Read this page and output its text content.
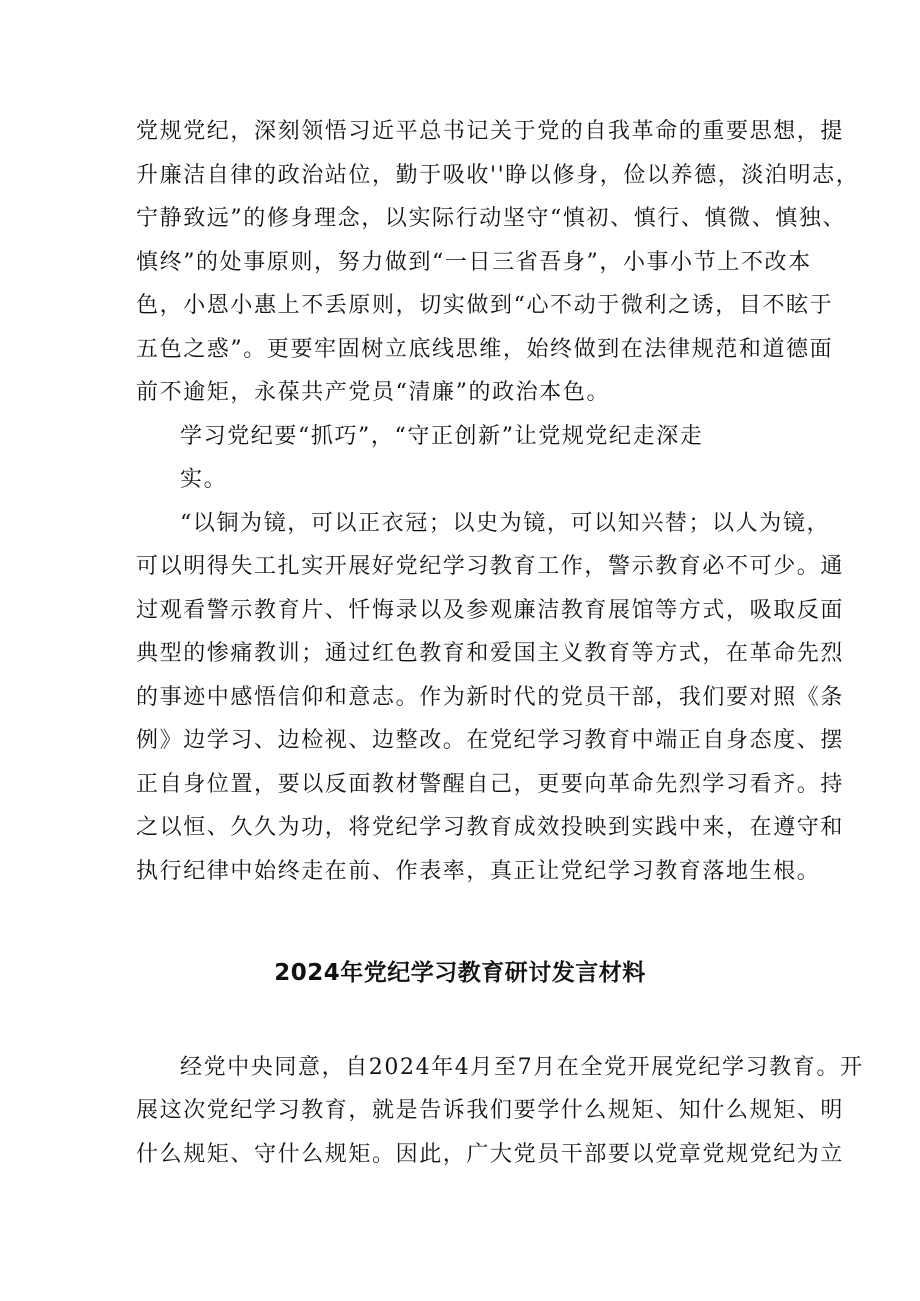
党规党纪，深刻领悟习近平总书记关于党的自我革命的重要思想，提
升廉洁自律的政治站位，勤于吸收''睁以修身，俭以养德，淡泊明志，
宁静致远”的修身理念，以实际行动坚守“慎初、慎行、慎微、慎独、
慎终”的处事原则，努力做到“一日三省吾身”，小事小节上不改本
色，小恩小惠上不丢原则，切实做到“心不动于微利之诱，目不眩于
五色之惑”。更要牢固树立底线思维，始终做到在法律规范和道德面
前不逾矩，永葆共产党员“清廉”的政治本色。
学习党纪要“抓巧”，“守正创新”让党规党纪走深走
实。
“以铜为镜，可以正衣冠；以史为镜，可以知兴替；以人为镜，
可以明得失工扎实开展好党纪学习教育工作，警示教育必不可少。通
过观看警示教育片、忏悔录以及参观廉洁教育展馆等方式，吸取反面
典型的惨痛教训；通过红色教育和爱国主义教育等方式，在革命先烈
的事迹中感悟信仰和意志。作为新时代的党员干部，我们要对照《条
例》边学习、边检视、边整改。在党纪学习教育中端正自身态度、摆
正自身位置，要以反面教材警醒自己，更要向革命先烈学习看齐。持
之以恒、久久为功，将党纪学习教育成效投映到实践中来，在遵守和
执行纪律中始终走在前、作表率，真正让党纪学习教育落地生根。
2024年党纪学习教育研讨发言材料
经党中央同意，自2024年4月至7月在全党开展党纪学习教育。开
展这次党纪学习教育，就是告诉我们要学什么规矩、知什么规矩、明
什么规矩、守什么规矩。因此，广大党员干部要以党章党规党纪为立
